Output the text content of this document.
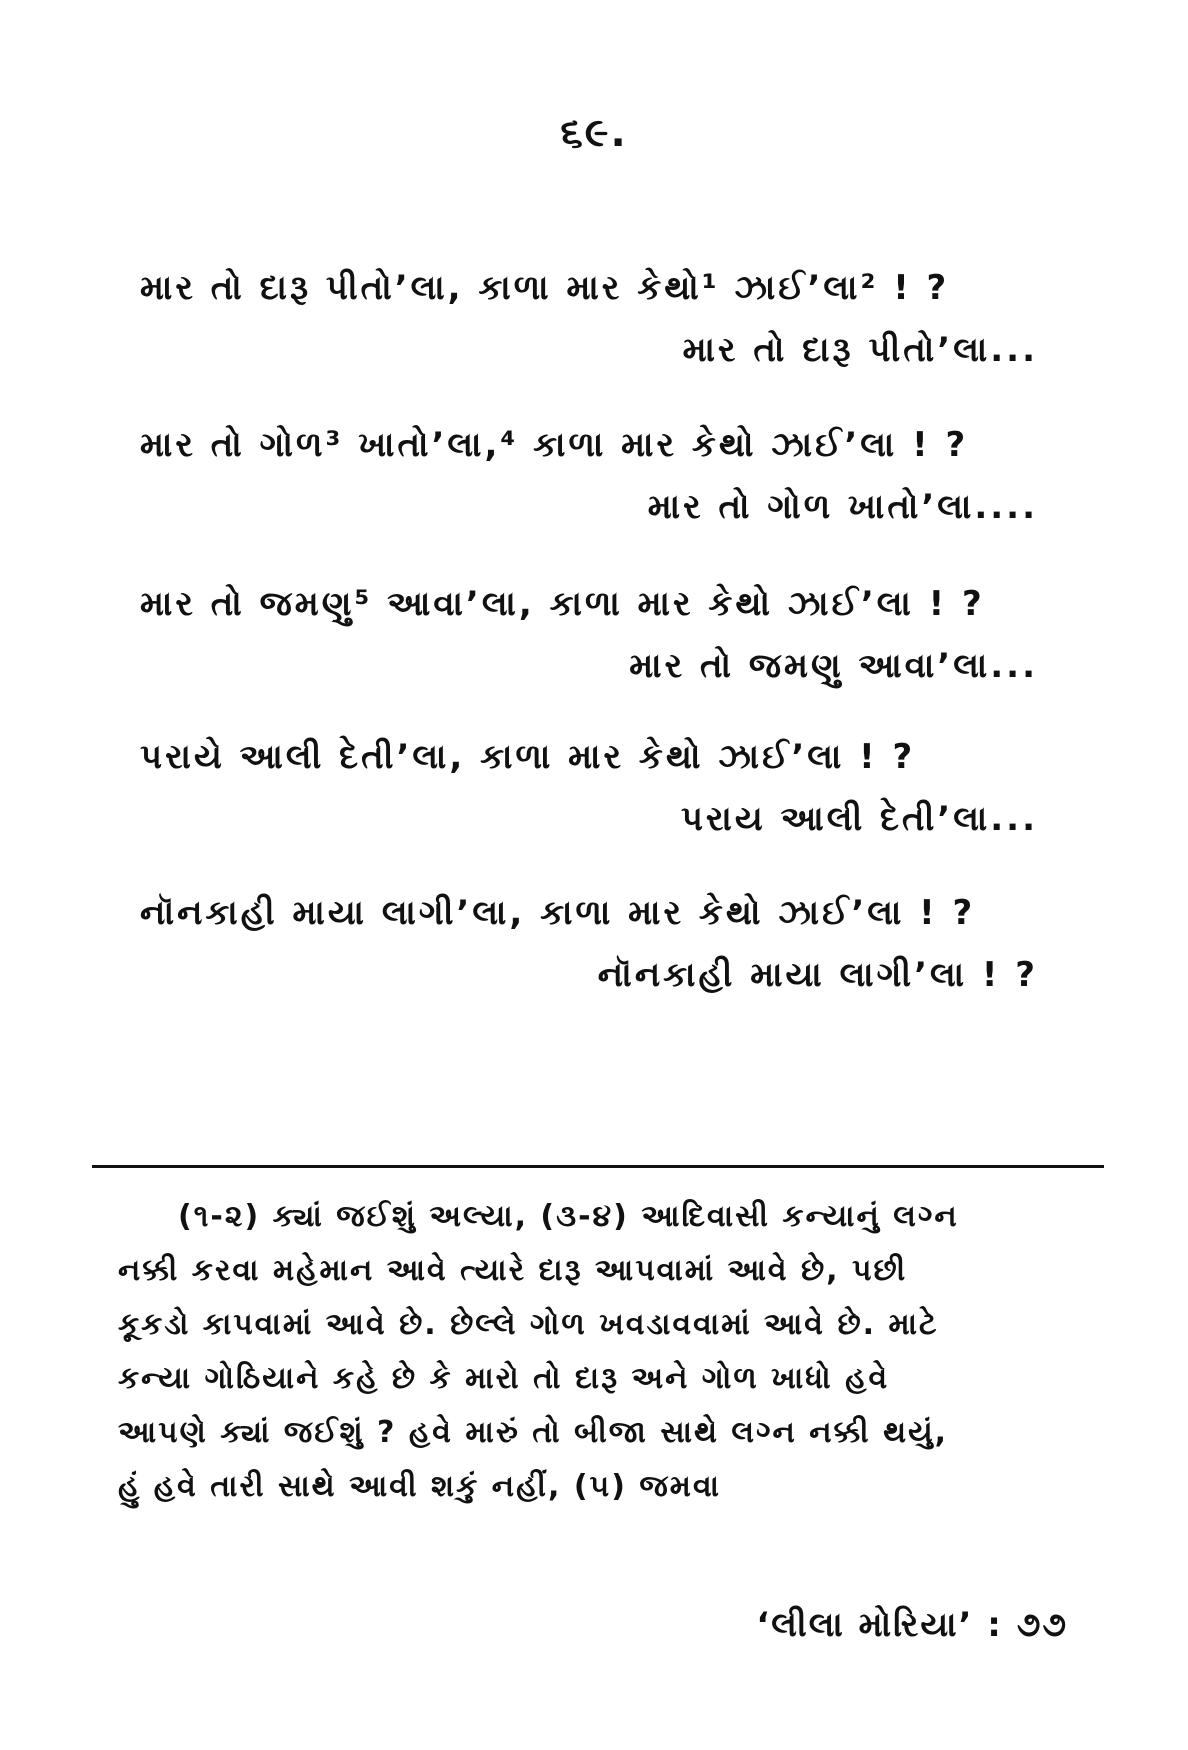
૬૯.
માર તો દારૂ પીતો’લા, કાળા માર કેથો¹ ઝાઈ’લા² ! ?
માર તો દારૂ પીતો’લા...
માર તો ગોળ³ ખાતો’લા,⁴ કાળા માર કેથો ઝાઈ’લા ! ?
માર તો ગોળ ખાતો’લા....
માર તો જમણુ⁵ આવા’લા, કાળા માર કેથો ઝાઈ’લા ! ?
માર તો જમણુ આવા’લા...
પરાયે આલી દેતી’લા, કાળા માર કેથો ઝાઈ’લા ! ?
પરાય આલી દેતી’લા...
નૉનકાહી માયા લાગી’લા, કાળા માર કેથો ઝાઈ’લા ! ?
નૉનકાહી માયા લાગી’લા ! ?
(૧-૨) ક્યાં જઈશું અલ્યા, (૩-૪) આદિવાસી કન્યાનું લગ્ન
નક્કી કરવા મહેમાન આવે ત્યારે દારૂ આપવામાં આવે છે, પછી
કૂકડો કાપવામાં આવે છે. છેલ્લે ગોળ ખવડાવવામાં આવે છે. માટે
કન્યા ગોઠિયાને કહે છે કે મારો તો દારૂ અને ગોળ ખાધો હવે
આપણે ક્યાં જઈશું ? હવે મારું તો બીજા સાથે લગ્ન નક્કી થયું,
હું હવે તારી સાથે આવી શકું નહીં, (૫) જમવા
‘લીલા મોરિયા’ : ૭૭
